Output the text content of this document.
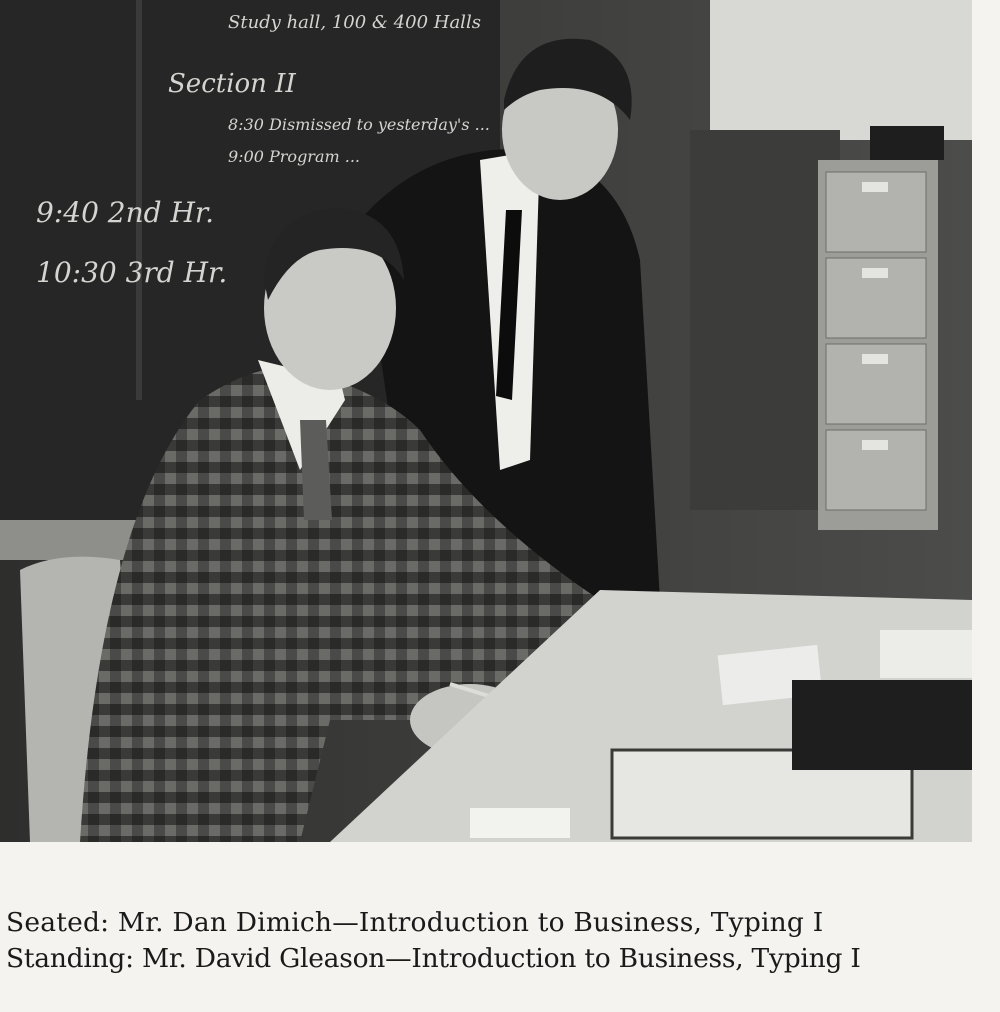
Study hall, 100 & 400 Halls
Section II
8:30 Dismissed to yesterday's ...
9:00 Program ...
9:40 2nd Hr.
10:30 3rd Hr.
Seated: Mr. Dan Dimich—Introduction to Business, Typing I
Standing: Mr. David Gleason—Introduction to Business, Typing I
